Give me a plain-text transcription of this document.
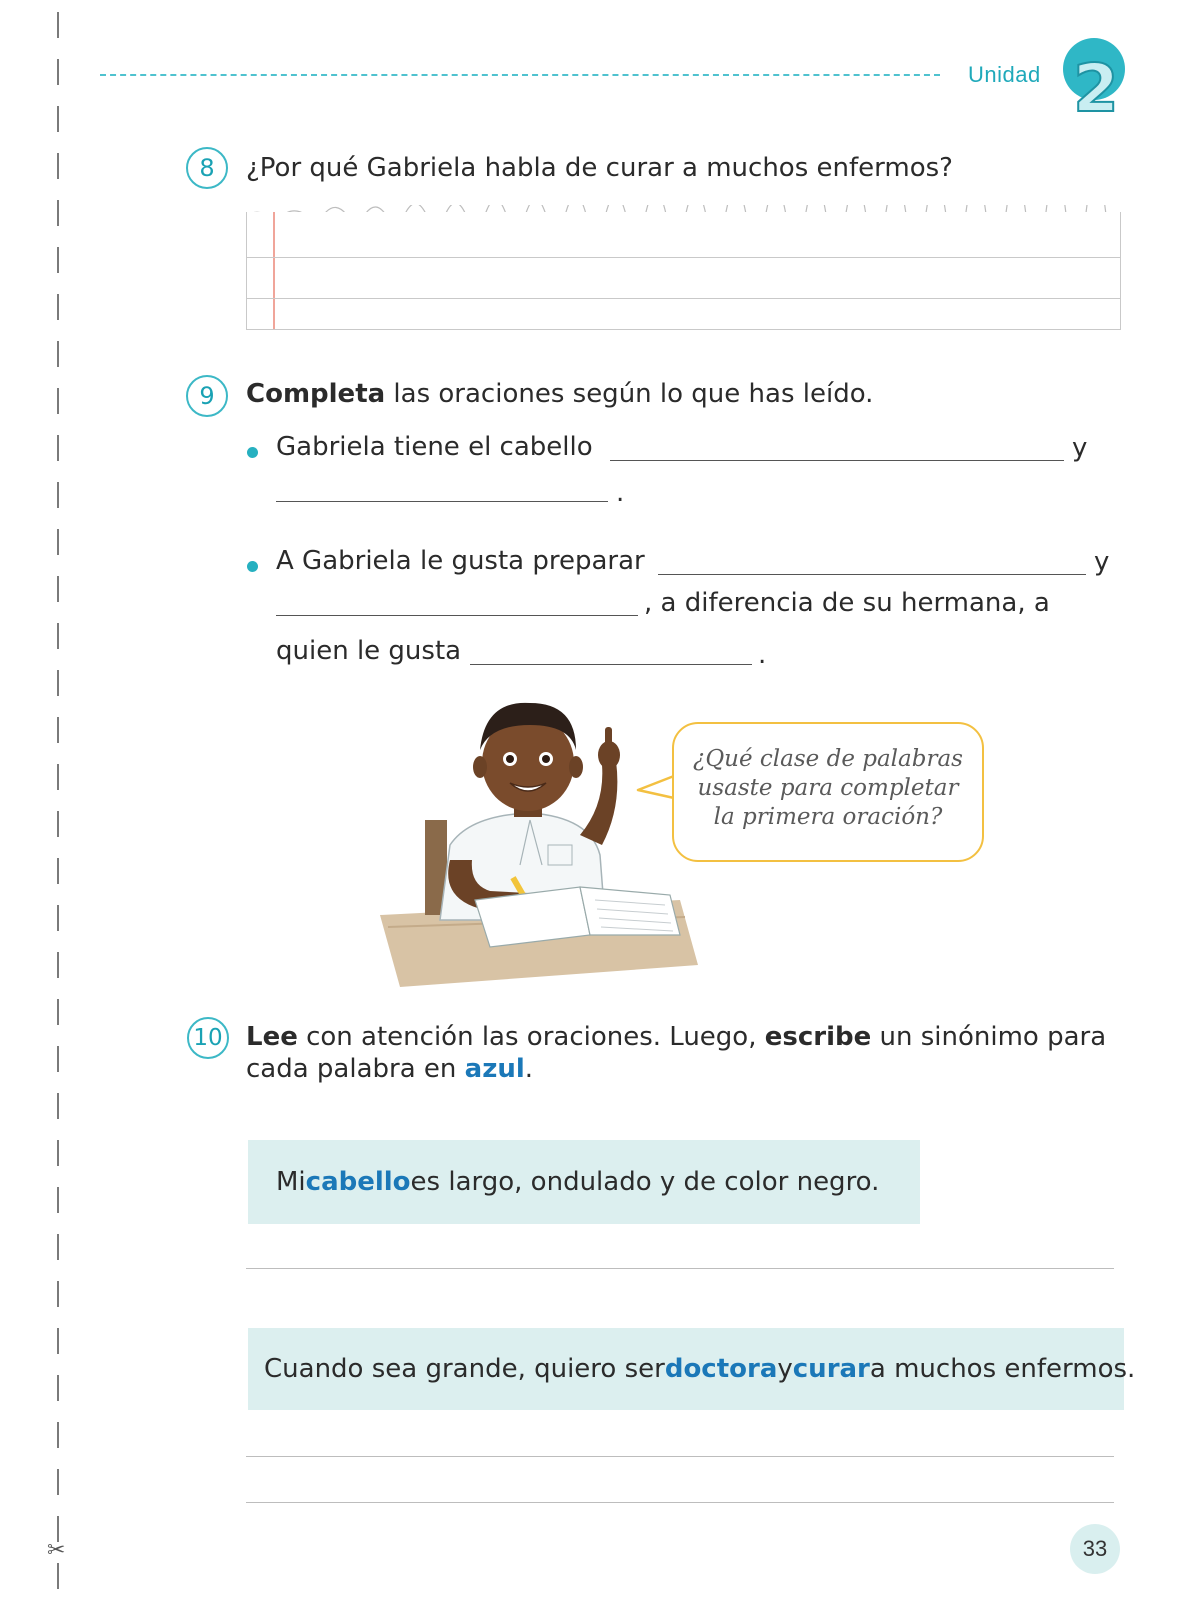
✂
Unidad 2
8	¿Por qué Gabriela habla de curar a muchos enfermos?
9	Completa las oraciones según lo que has leído.
Gabriela tiene el cabello	y
.
A Gabriela le gusta preparar	y
, a diferencia de su hermana, a
quien le gusta	.
¿Qué clase de palabras
usaste para completar
la primera oración?
10 Lee con atención las oraciones. Luego, escribe un sinónimo para
cada palabra en azul.
Mi cabello es largo, ondulado y de color negro.
Cuando sea grande, quiero ser doctora y curar a muchos enfermos.
33
